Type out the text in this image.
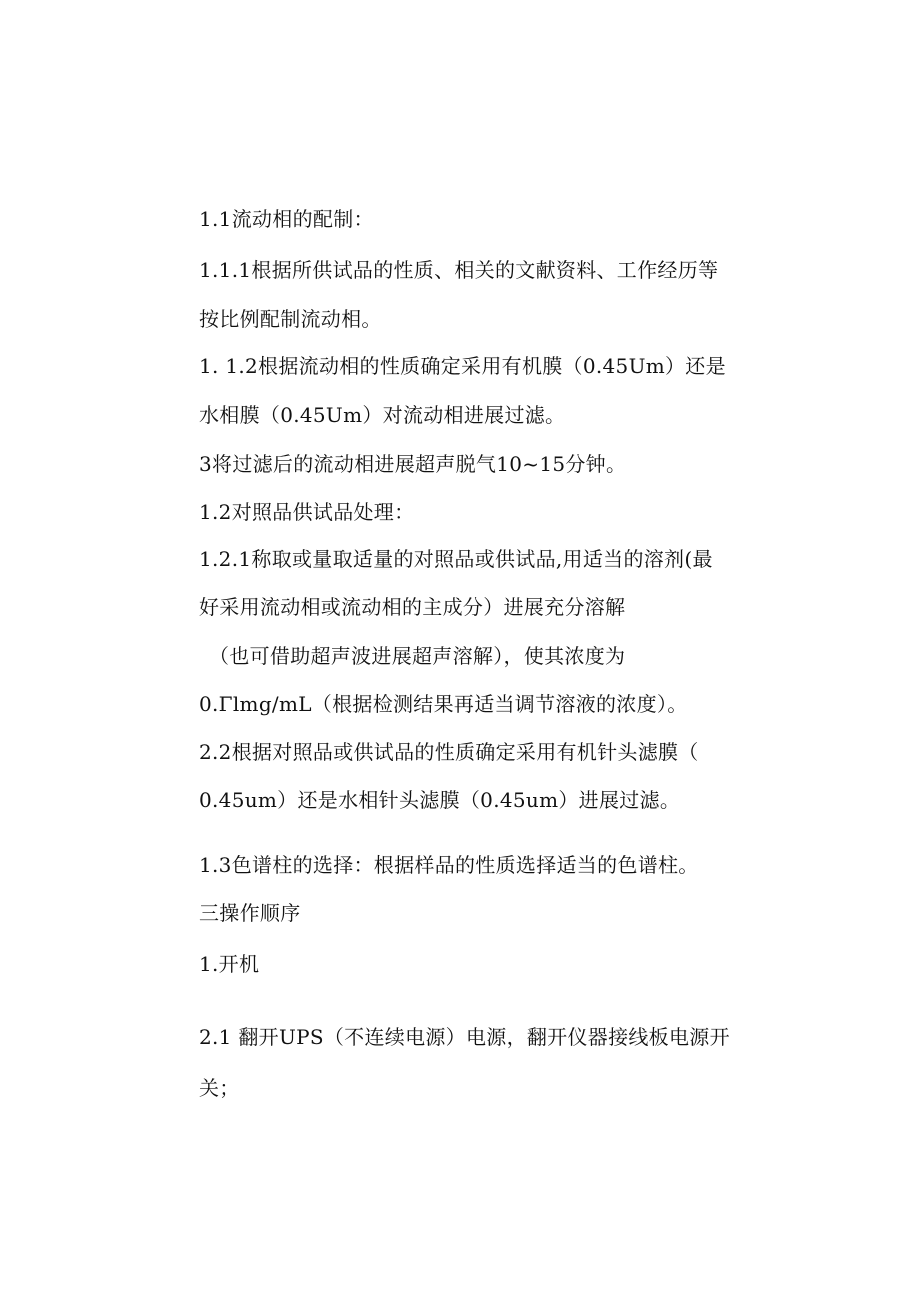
1.1流动相的配制：

1.1.1根据所供试品的性质、相关的文献资料、工作经历等

按比例配制流动相。

1. 1.2根据流动相的性质确定采用有机膜（0.45Um）还是

水相膜（0.45Um）对流动相进展过滤。

3将过滤后的流动相进展超声脱气10~15分钟。

1.2对照品供试品处理：

1.2.1称取或量取适量的对照品或供试品,用适当的溶剂(最

好采用流动相或流动相的主成分）进展充分溶解

（也可借助超声波进展超声溶解），使其浓度为

0.Γlmg/mL（根据检测结果再适当调节溶液的浓度）。

2.2根据对照品或供试品的性质确定采用有机针头滤膜（

0.45um）还是水相针头滤膜（0.45um）进展过滤。

1.3色谱柱的选择：根据样品的性质选择适当的色谱柱。

三操作顺序

1.开机

2.1 翻开UPS（不连续电源）电源，翻开仪器接线板电源开

关；
